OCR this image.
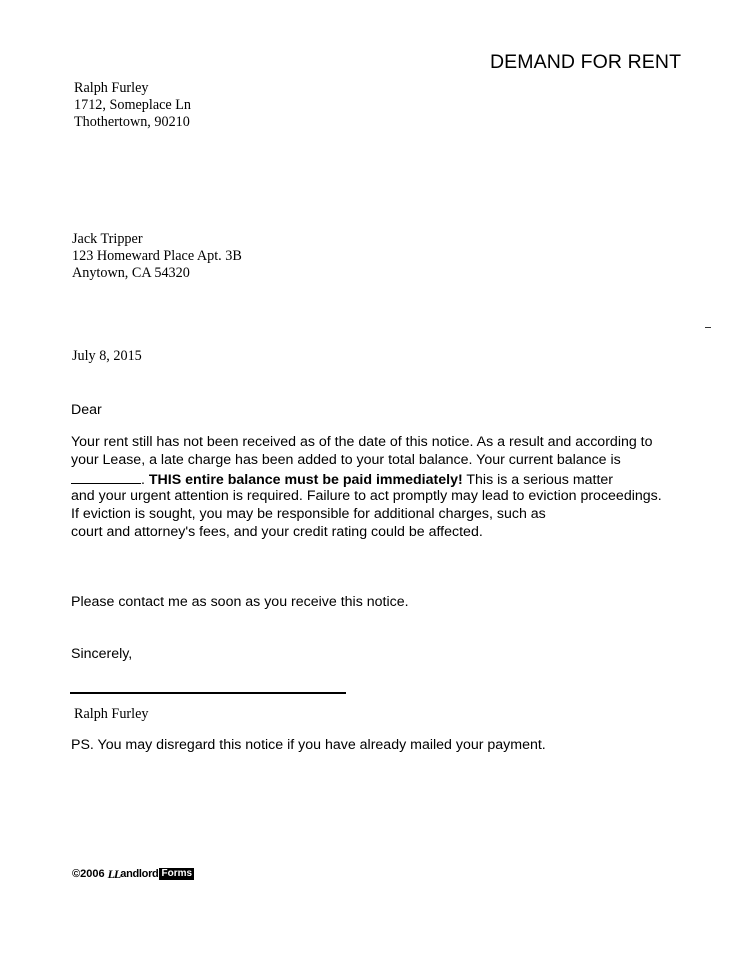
DEMAND FOR RENT
Ralph Furley
1712, Someplace Ln
Thothertown, 90210
Jack Tripper
123 Homeward Place Apt. 3B
Anytown, CA 54320
July 8, 2015
Dear
Your rent still has not been received as of the date of this notice. As a result and according to
your Lease, a late charge has been added to your total balance. Your current balance is
. THIS entire balance must be paid immediately! This is a serious matter
and your urgent attention is required. Failure to act promptly may lead to eviction proceedings.
If eviction is sought, you may be responsible for additional charges, such as
court and attorney's fees, and your credit rating could be affected.
Please contact me as soon as you receive this notice.
Sincerely,
Ralph Furley
PS. You may disregard this notice if you have already mailed your payment.
©2006 LL andlord Forms
